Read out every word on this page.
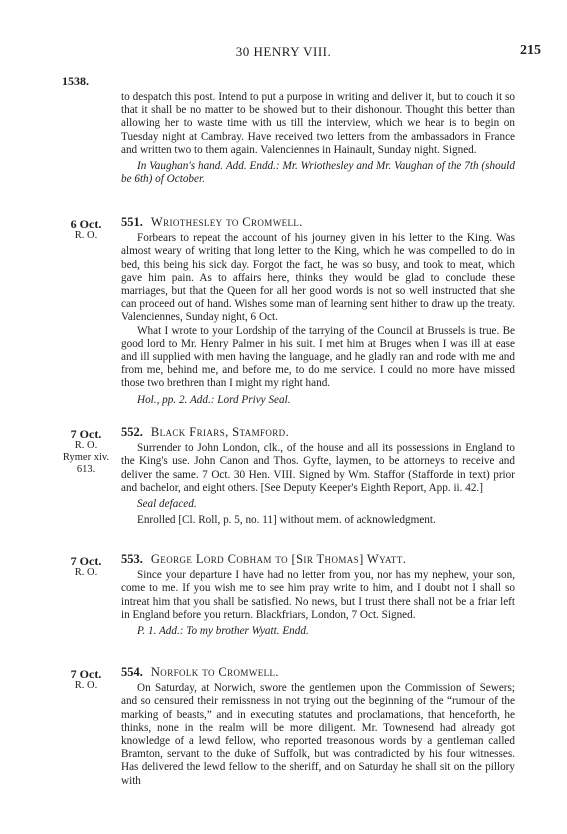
30 HENRY VIII.	215
1538.

to despatch this post. Intend to put a purpose in writing and deliver it, but to couch it so that it shall be no matter to be showed but to their dishonour. Thought this better than allowing her to waste time with us till the interview, which we hear is to begin on Tuesday night at Cambray. Have received two letters from the ambassadors in France and written two to them again. Valenciennes in Hainault, Sunday night. Signed.

In Vaughan's hand. Add. Endd.: Mr. Wriothesley and Mr. Vaughan of the 7th (should be 6th) of October.

6 Oct.
R. O.
551. Wriothesley to Cromwell.

Forbears to repeat the account of his journey given in his letter to the King. Was almost weary of writing that long letter to the King, which he was compelled to do in bed, this being his sick day. Forgot the fact, he was so busy, and took to meat, which gave him pain. As to affairs here, thinks they would be glad to conclude these marriages, but that the Queen for all her good words is not so well instructed that she can proceed out of hand. Wishes some man of learning sent hither to draw up the treaty. Valenciennes, Sunday night, 6 Oct.

What I wrote to your Lordship of the tarrying of the Council at Brussels is true. Be good lord to Mr. Henry Palmer in his suit. I met him at Bruges when I was ill at ease and ill supplied with men having the language, and he gladly ran and rode with me and from me, behind me, and before me, to do me service. I could no more have missed those two brethren than I might my right hand.

Hol., pp. 2. Add.: Lord Privy Seal.

7 Oct.
R. O.
Rymer xiv. 613.
552. Black Friars, Stamford.

Surrender to John London, clk., of the house and all its possessions in England to the King's use. John Canon and Thos. Gyfte, laymen, to be attorneys to receive and deliver the same. 7 Oct. 30 Hen. VIII. Signed by Wm. Staffor (Stafforde in text) prior and bachelor, and eight others. [See Deputy Keeper's Eighth Report, App. ii. 42.]

Seal defaced.

Enrolled [Cl. Roll, p. 5, no. 11] without mem. of acknowledgment.

7 Oct.
R. O.
553. George Lord Cobham to [Sir Thomas] Wyatt.

Since your departure I have had no letter from you, nor has my nephew, your son, come to me. If you wish me to see him pray write to him, and I doubt not I shall so intreat him that you shall be satisfied. No news, but I trust there shall not be a friar left in England before you return. Blackfriars, London, 7 Oct. Signed.

P. 1. Add.: To my brother Wyatt. Endd.

7 Oct.
R. O.
554. Norfolk to Cromwell.

On Saturday, at Norwich, swore the gentlemen upon the Commission of Sewers; and so censured their remissness in not trying out the beginning of the “rumour of the marking of beasts,” and in executing statutes and proclamations, that henceforth, he thinks, none in the realm will be more diligent. Mr. Townesend had already got knowledge of a lewd fellow, who reported treasonous words by a gentleman called Bramton, servant to the duke of Suffolk, but was contradicted by his four witnesses. Has delivered the lewd fellow to the sheriff, and on Saturday he shall sit on the pillory with
